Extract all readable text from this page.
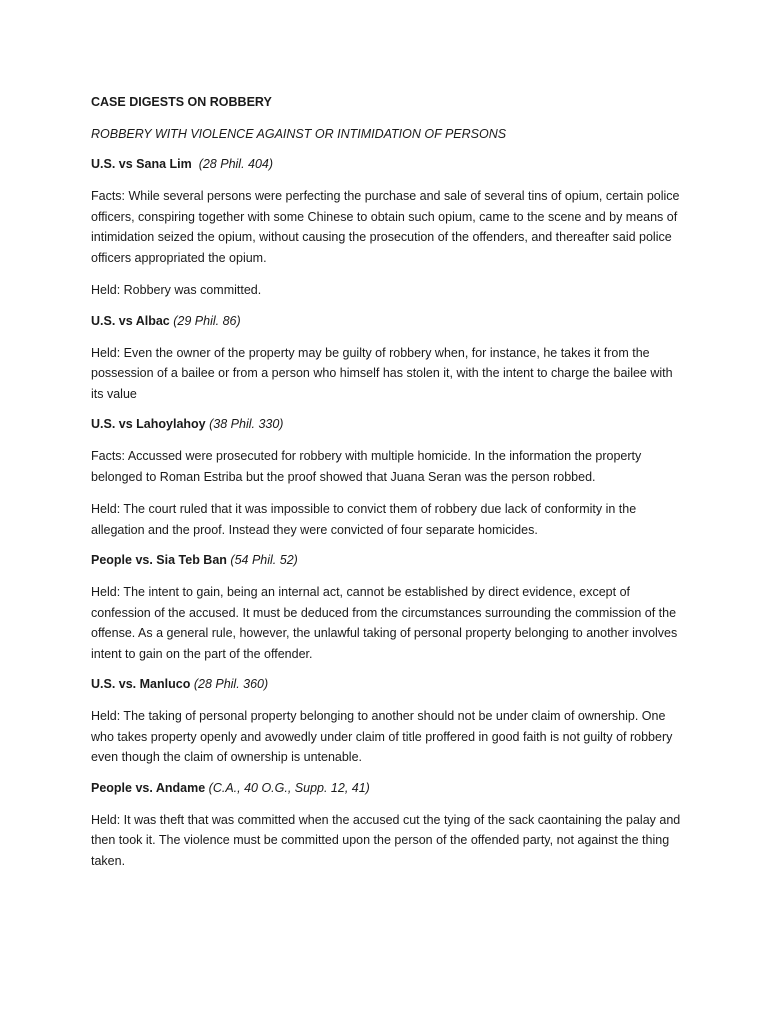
CASE DIGESTS ON ROBBERY
ROBBERY WITH VIOLENCE AGAINST OR INTIMIDATION OF PERSONS
U.S. vs Sana Lim (28 Phil. 404)

Facts: While several persons were perfecting the purchase and sale of several tins of opium, certain police officers, conspiring together with some Chinese to obtain such opium, came to the scene and by means of intimidation seized the opium, without causing the prosecution of the offenders, and thereafter said police officers appropriated the opium.

Held: Robbery was committed.

U.S. vs Albac (29 Phil. 86)

Held: Even the owner of the property may be guilty of robbery when, for instance, he takes it from the possession of a bailee or from a person who himself has stolen it, with the intent to charge the bailee with its value

U.S. vs Lahoylahoy (38 Phil. 330)

Facts: Accussed were prosecuted for robbery with multiple homicide. In the information the property belonged to Roman Estriba but the proof showed that Juana Seran was the person robbed.

Held: The court ruled that it was impossible to convict them of robbery due lack of conformity in the allegation and the proof. Instead they were convicted of four separate homicides.

People vs. Sia Teb Ban (54 Phil. 52)

Held: The intent to gain, being an internal act, cannot be established by direct evidence, except of confession of the accused. It must be deduced from the circumstances surrounding the commission of the offense. As a general rule, however, the unlawful taking of personal property belonging to another involves intent to gain on the part of the offender.

U.S. vs. Manluco (28 Phil. 360)

Held: The taking of personal property belonging to another should not be under claim of ownership. One who takes property openly and avowedly under claim of title proffered in good faith is not guilty of robbery even though the claim of ownership is untenable.

People vs. Andame (C.A., 40 O.G., Supp. 12, 41)

Held: It was theft that was committed when the accused cut the tying of the sack caontaining the palay and then took it. The violence must be committed upon the person of the offended party, not against the thing taken.
